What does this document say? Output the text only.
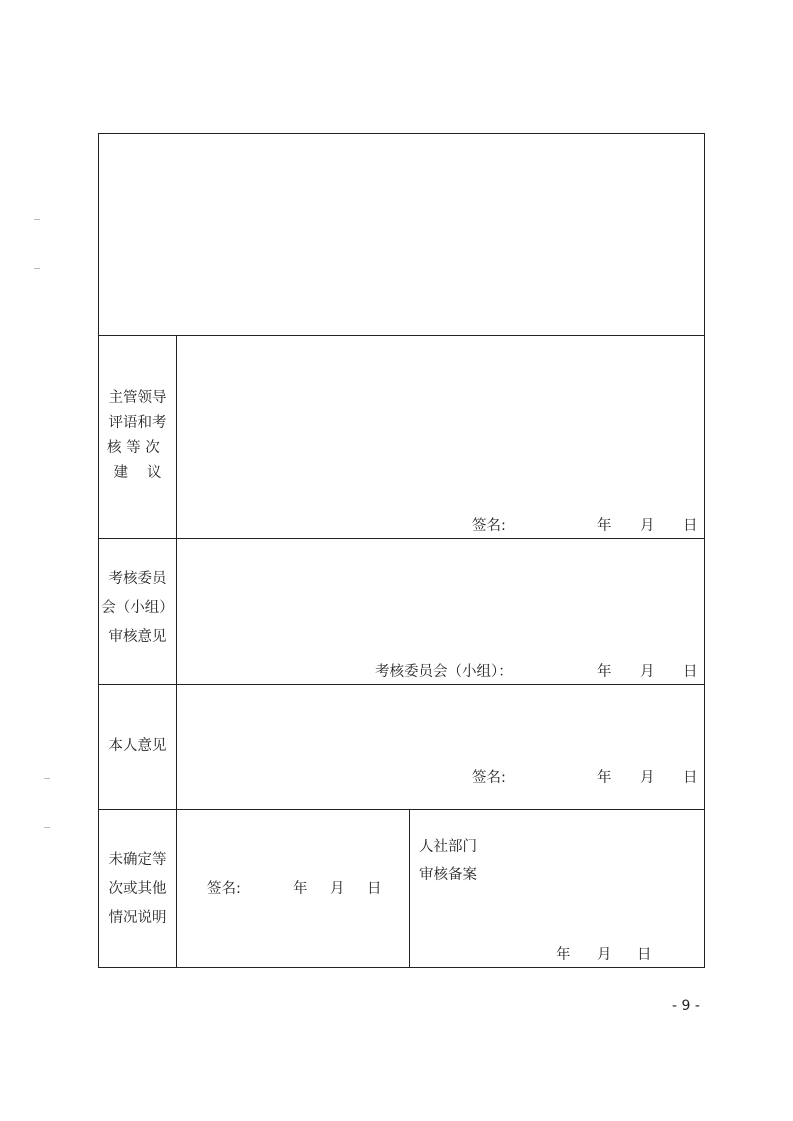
主管领导
评语和考
核 等 次
建　 议
签名:	年 月 日
考核委员
会（小组）
审核意见
考核委员会（小组）：	年 月 日
本人意见
签名:	年 月 日
未确定等
次或其他
情况说明
签名:	年 月 日
人社部门
审核备案
年 月 日
- 9 -
